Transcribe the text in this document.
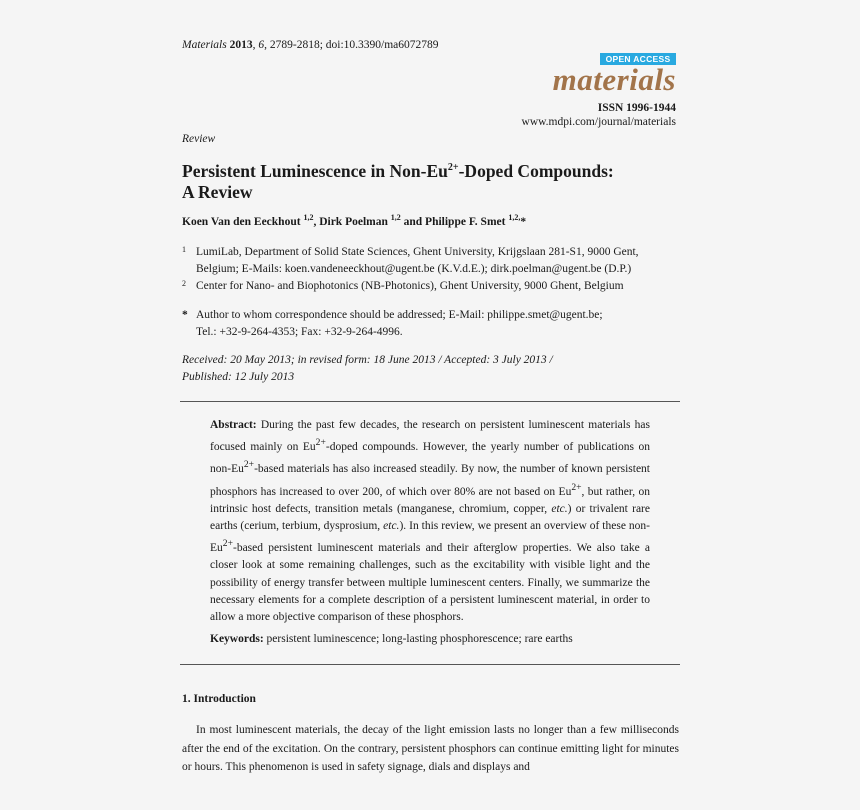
Materials 2013, 6, 2789-2818; doi:10.3390/ma6072789
OPEN ACCESS
materials
ISSN 1996-1944
www.mdpi.com/journal/materials
Review
Persistent Luminescence in Non-$Eu^{2+}$-Doped Compounds:
A Review
Koen Van den Eeckhout $^{1,2}$, Dirk Poelman $^{1,2}$ and Philippe F. Smet $^{1,2,}$*
1 LumiLab, Department of Solid State Sciences, Ghent University, Krijgslaan 281-S1, 9000 Gent,
Belgium; E-Mails: koen.vandeneeckhout@ugent.be (K.V.d.E.); dirk.poelman@ugent.be (D.P.)
2 Center for Nano- and Biophotonics (NB-Photonics), Ghent University, 9000 Ghent, Belgium
* Author to whom correspondence should be addressed; E-Mail: philippe.smet@ugent.be;
Tel.: +32-9-264-4353; Fax: +32-9-264-4996.
Received: 20 May 2013; in revised form: 18 June 2013 / Accepted: 3 July 2013 /
Published: 12 July 2013
Abstract: During the past few decades, the research on persistent luminescent materials has focused mainly on $Eu^{2+}$-doped compounds. However, the yearly number of publications on non-$Eu^{2+}$-based materials has also increased steadily. By now, the number of known persistent phosphors has increased to over 200, of which over 80% are not based on $Eu^{2+}$, but rather, on intrinsic host defects, transition metals (manganese, chromium, copper, etc.) or trivalent rare earths (cerium, terbium, dysprosium, etc.). In this review, we present an overview of these non-$Eu^{2+}$-based persistent luminescent materials and their afterglow properties. We also take a closer look at some remaining challenges, such as the excitability with visible light and the possibility of energy transfer between multiple luminescent centers. Finally, we summarize the necessary elements for a complete description of a persistent luminescent material, in order to allow a more objective comparison of these phosphors.
Keywords: persistent luminescence; long-lasting phosphorescence; rare earths
1. Introduction
In most luminescent materials, the decay of the light emission lasts no longer than a few milliseconds after the end of the excitation. On the contrary, persistent phosphors can continue emitting light for minutes or hours. This phenomenon is used in safety signage, dials and displays and
